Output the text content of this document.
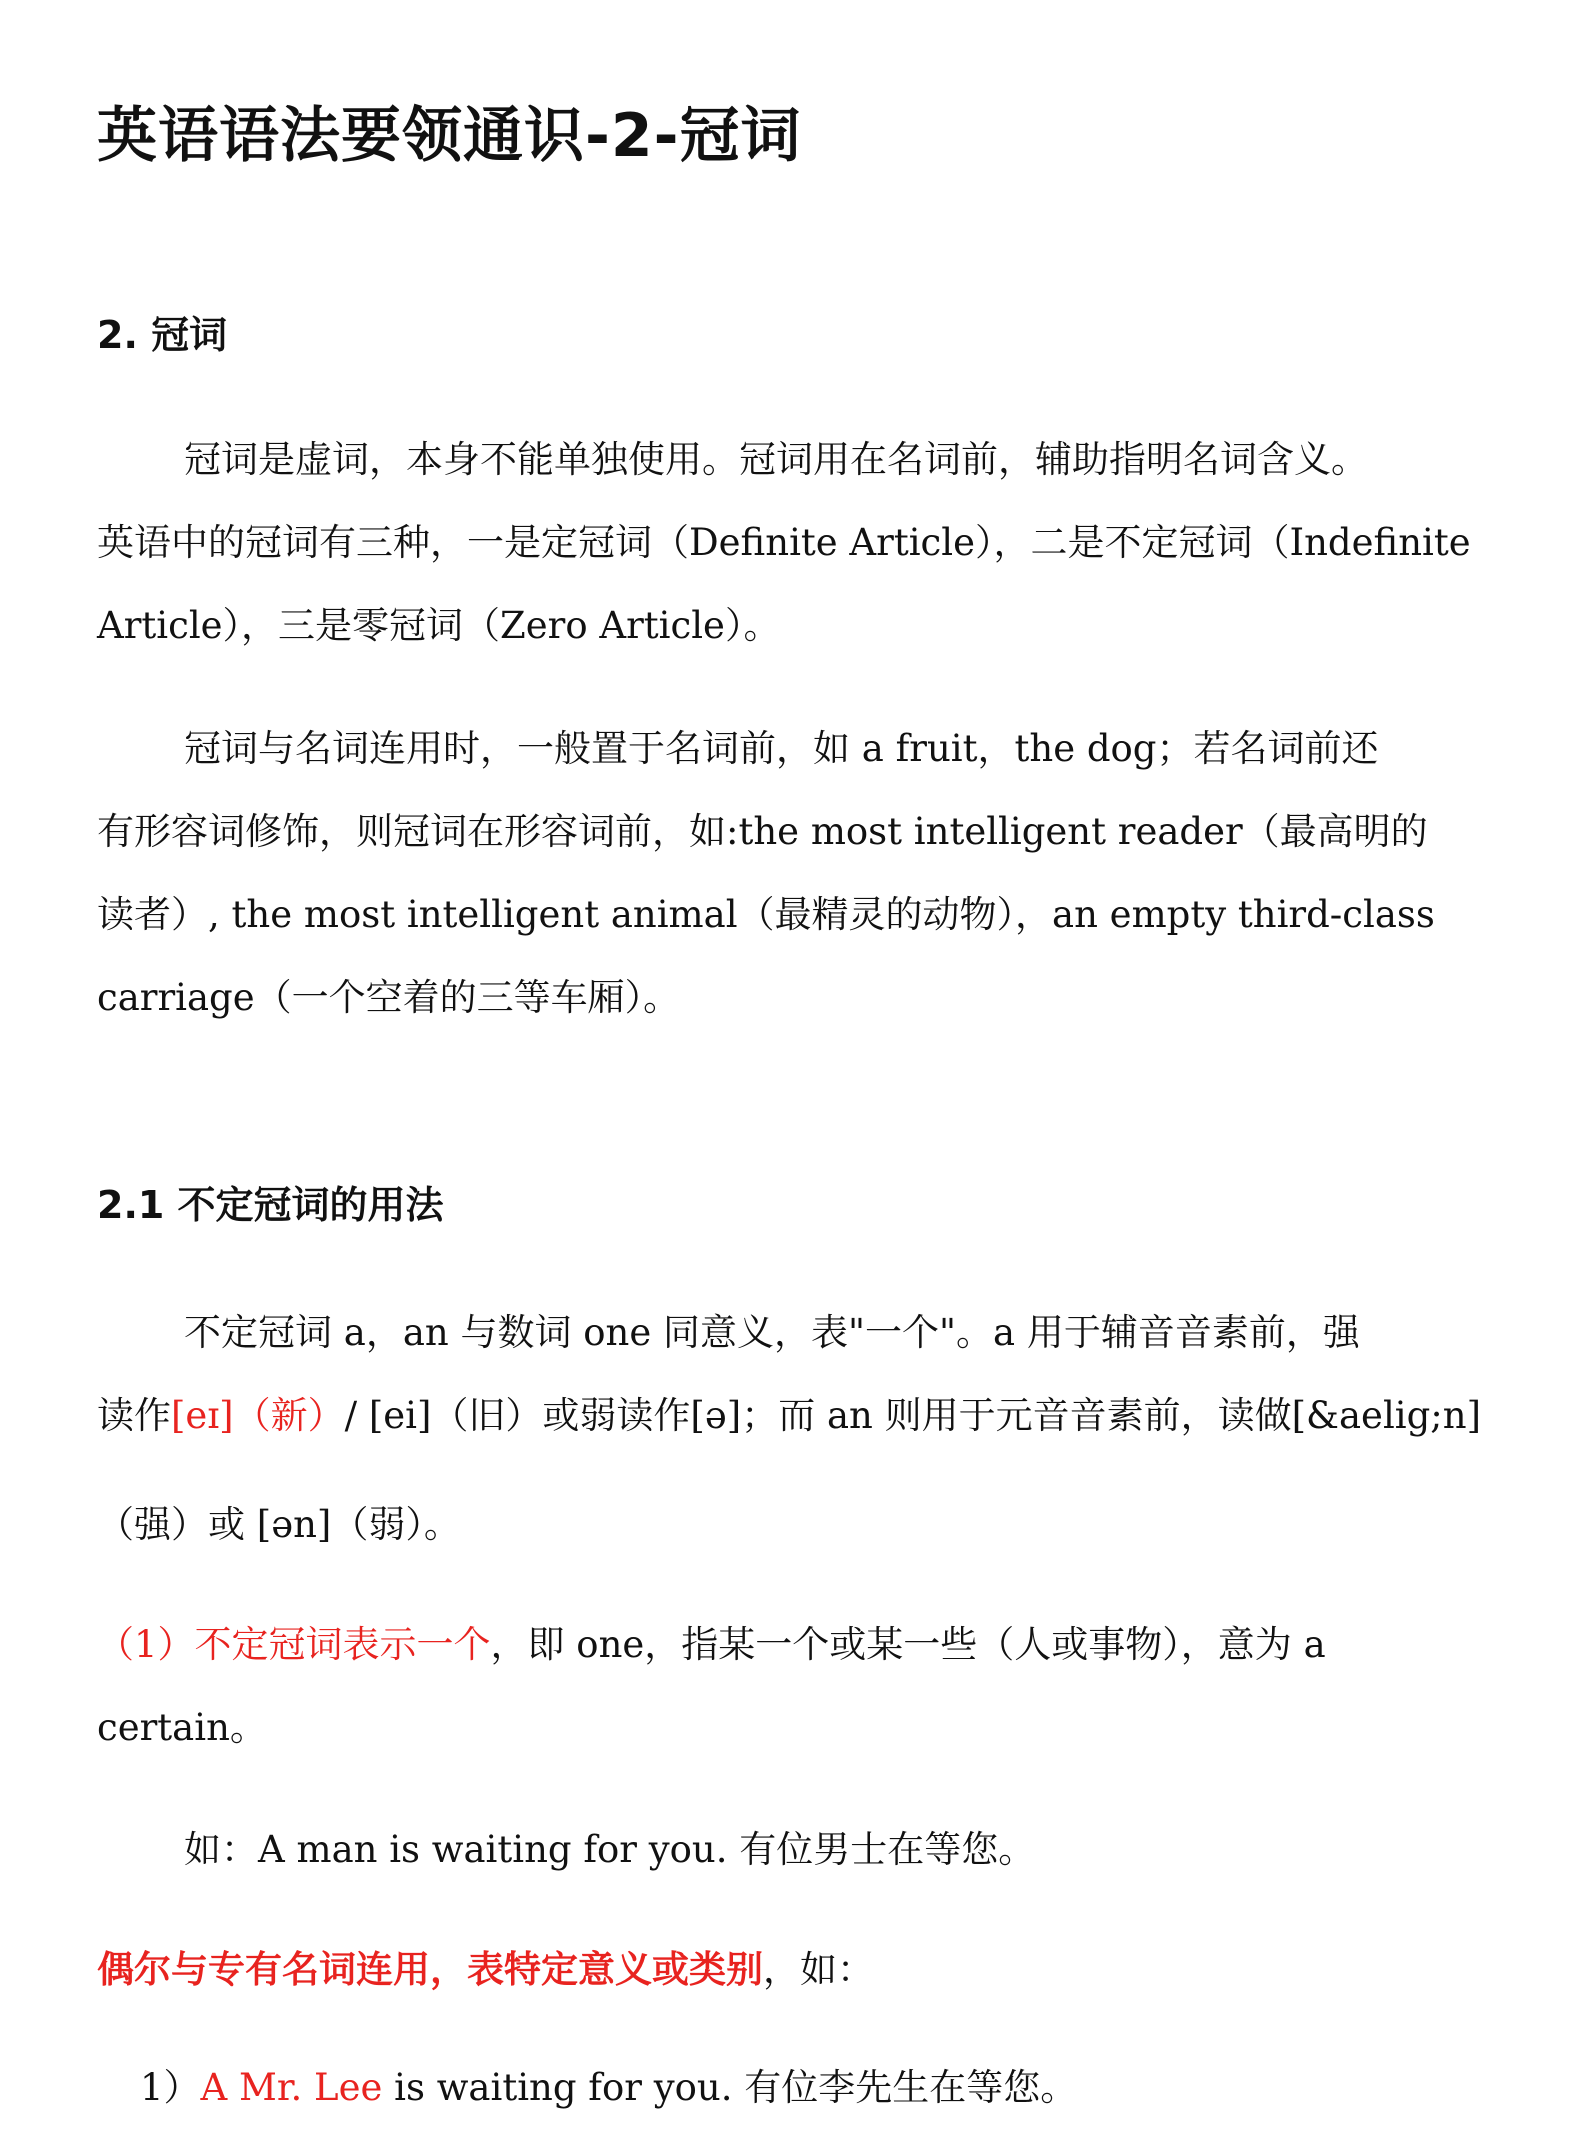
英语语法要领通识-2-冠词
2. 冠词
冠词是虚词，本身不能单独使用。冠词用在名词前，辅助指明名词含义。
英语中的冠词有三种，一是定冠词（Definite Article），二是不定冠词（Indefinite
Article），三是零冠词（Zero Article）。
冠词与名词连用时，一般置于名词前，如 a fruit，the dog；若名词前还
有形容词修饰，则冠词在形容词前，如:the most intelligent reader（最高明的
读者）, the most intelligent animal（最精灵的动物），an empty third-class
carriage（一个空着的三等车厢）。
2.1 不定冠词的用法
不定冠词 a，an 与数词 one 同意义，表"一个"。a 用于辅音音素前，强
读作[eɪ]（新）/ [ei]（旧）或弱读作[ə]；而 an 则用于元音音素前，读做[&aelig;n]
（强）或 [ən]（弱）。
（1）不定冠词表示一个，即 one，指某一个或某一些（人或事物），意为 a
certain。
如：A man is waiting for you. 有位男士在等您。
偶尔与专有名词连用，表特定意义或类别，如：
1）A Mr. Lee is waiting for you. 有位李先生在等您。
